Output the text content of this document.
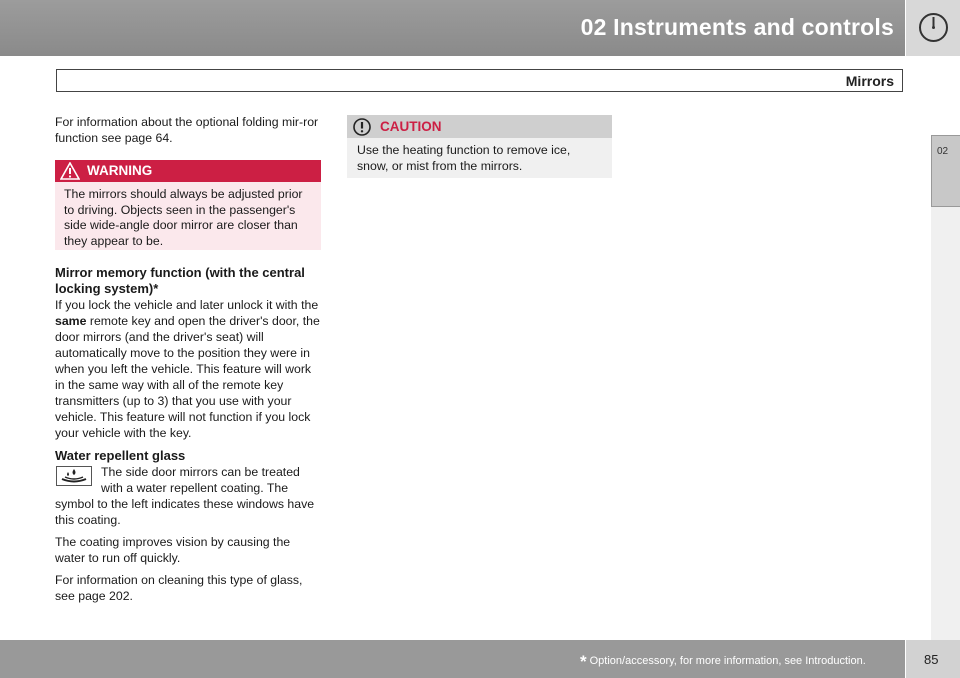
02 Instruments and controls
Mirrors
02

For information about the optional folding mir-ror function see page 64.

WARNING
The mirrors should always be adjusted prior to driving. Objects seen in the passenger's side wide-angle door mirror are closer than they appear to be.
Mirror memory function (with the central locking system)*

If you lock the vehicle and later unlock it with the same remote key and open the driver's door, the door mirrors (and the driver's seat) will automatically move to the position they were in when you left the vehicle. This feature will work in the same way with all of the remote key transmitters (up to 3) that you use with your vehicle. This feature will not function if you lock your vehicle with the key.

Water repellent glass

The side door mirrors can be treated

with a water repellent coating. The

symbol to the left indicates these windows have this coating.

The coating improves vision by causing the water to run off quickly.

For information on cleaning this type of glass, see page 202.

CAUTION
Use the heating function to remove ice, snow, or mist from the mirrors.
* Option/accessory, for more information, see Introduction.	85
